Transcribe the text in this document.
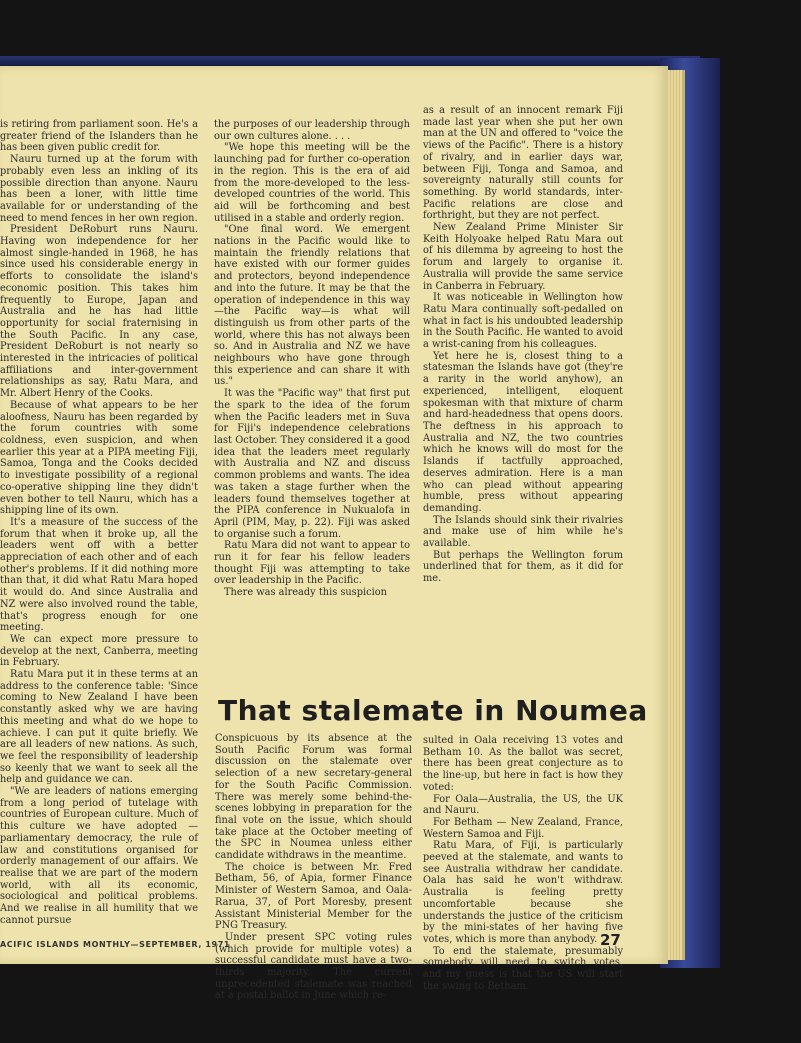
is retiring from parliament soon. He's a greater friend of the Islanders than he has been given public credit for.

Nauru turned up at the forum with probably even less an inkling of its possible direction than anyone. Nauru has been a loner, with little time available for or understanding of the need to mend fences in her own region.

President DeRoburt runs Nauru. Having won independence for her almost single-handed in 1968, he has since used his considerable energy in efforts to consolidate the island's economic position. This takes him frequently to Europe, Japan and Australia and he has had little opportunity for social fraternising in the South Pacific. In any case, President DeRoburt is not nearly so interested in the intricacies of political affiliations and inter-government relationships as say, Ratu Mara, and Mr. Albert Henry of the Cooks.

Because of what appears to be her aloofness, Nauru has been regarded by the forum countries with some coldness, even suspicion, and when earlier this year at a PIPA meeting Fiji, Samoa, Tonga and the Cooks decided to investigate possibility of a regional co-operative shipping line they didn't even bother to tell Nauru, which has a shipping line of its own.

It's a measure of the success of the forum that when it broke up, all the leaders went off with a better appreciation of each other and of each other's problems. If it did nothing more than that, it did what Ratu Mara hoped it would do. And since Australia and NZ were also involved round the table, that's progress enough for one meeting.

We can expect more pressure to develop at the next, Canberra, meeting in February.

Ratu Mara put it in these terms at an address to the conference table: 'Since coming to New Zealand I have been constantly asked why we are having this meeting and what do we hope to achieve. I can put it quite briefly. We are all leaders of new nations. As such, we feel the responsibility of leadership so keenly that we want to seek all the help and guidance we can.

"We are leaders of nations emerging from a long period of tutelage with countries of European culture. Much of this culture we have adopted — parliamentary democracy, the rule of law and constitutions organised for orderly management of our affairs. We realise that we are part of the modern world, with all its economic, sociological and political problems. And we realise in all humility that we cannot pursue

the purposes of our leadership through our own cultures alone. . . .

"We hope this meeting will be the launching pad for further co-operation in the region. This is the era of aid from the more-developed to the less-developed countries of the world. This aid will be forthcoming and best utilised in a stable and orderly region.

"One final word. We emergent nations in the Pacific would like to maintain the friendly relations that have existed with our former guides and protectors, beyond independence and into the future. It may be that the operation of independence in this way—the Pacific way—is what will distinguish us from other parts of the world, where this has not always been so. And in Australia and NZ we have neighbours who have gone through this experience and can share it with us."

It was the "Pacific way" that first put the spark to the idea of the forum when the Pacific leaders met in Suva for Fiji's independence celebrations last October. They considered it a good idea that the leaders meet regularly with Australia and NZ and discuss common problems and wants. The idea was taken a stage further when the leaders found themselves together at the PIPA conference in Nukualofa in April (PIM, May, p. 22). Fiji was asked to organise such a forum.

Ratu Mara did not want to appear to run it for fear his fellow leaders thought Fiji was attempting to take over leadership in the Pacific.

There was already this suspicion

as a result of an innocent remark Fiji made last year when she put her own man at the UN and offered to "voice the views of the Pacific". There is a history of rivalry, and in earlier days war, between Fiji, Tonga and Samoa, and sovereignty naturally still counts for something. By world standards, inter-Pacific relations are close and forthright, but they are not perfect.

New Zealand Prime Minister Sir Keith Holyoake helped Ratu Mara out of his dilemma by agreeing to host the forum and largely to organise it. Australia will provide the same service in Canberra in February.

It was noticeable in Wellington how Ratu Mara continually soft-pedalled on what in fact is his undoubted leadership in the South Pacific. He wanted to avoid a wrist-caning from his colleagues.

Yet here he is, closest thing to a statesman the Islands have got (they're a rarity in the world anyhow), an experienced, intelligent, eloquent spokesman with that mixture of charm and hard-headedness that opens doors. The deftness in his approach to Australia and NZ, the two countries which he knows will do most for the Islands if tactfully approached, deserves admiration. Here is a man who can plead without appearing humble, press without appearing demanding.

The Islands should sink their rivalries and make use of him while he's available.

But perhaps the Wellington forum underlined that for them, as it did for me.

That stalemate in Noumea

Conspicuous by its absence at the South Pacific Forum was formal discussion on the stalemate over selection of a new secretary-general for the South Pacific Commission. There was merely some behind-the-scenes lobbying in preparation for the final vote on the issue, which should take place at the October meeting of the SPC in Noumea unless either candidate withdraws in the meantime.

The choice is between Mr. Fred Betham, 56, of Apia, former Finance Minister of Western Samoa, and Oala-Rarua, 37, of Port Moresby, present Assistant Ministerial Member for the PNG Treasury.

Under present SPC voting rules (which provide for multiple votes) a successful candidate must have a two-thirds majority. The current unprecedented stalemate was reached at a postal ballot in June which re-

sulted in Oala receiving 13 votes and Betham 10. As the ballot was secret, there has been great conjecture as to the line-up, but here in fact is how they voted:

For Oala—Australia, the US, the UK and Nauru.

For Betham — New Zealand, France, Western Samoa and Fiji.

Ratu Mara, of Fiji, is particularly peeved at the stalemate, and wants to see Australia withdraw her candidate. Oala has said he won't withdraw. Australia is feeling pretty uncomfortable because she understands the justice of the criticism by the mini-states of her having five votes, which is more than anybody.

To end the stalemate, presumably somebody will need to switch votes, and my guess is that the US will start the swing to Betham.

ACIFIC ISLANDS MONTHLY—SEPTEMBER, 1971	27
